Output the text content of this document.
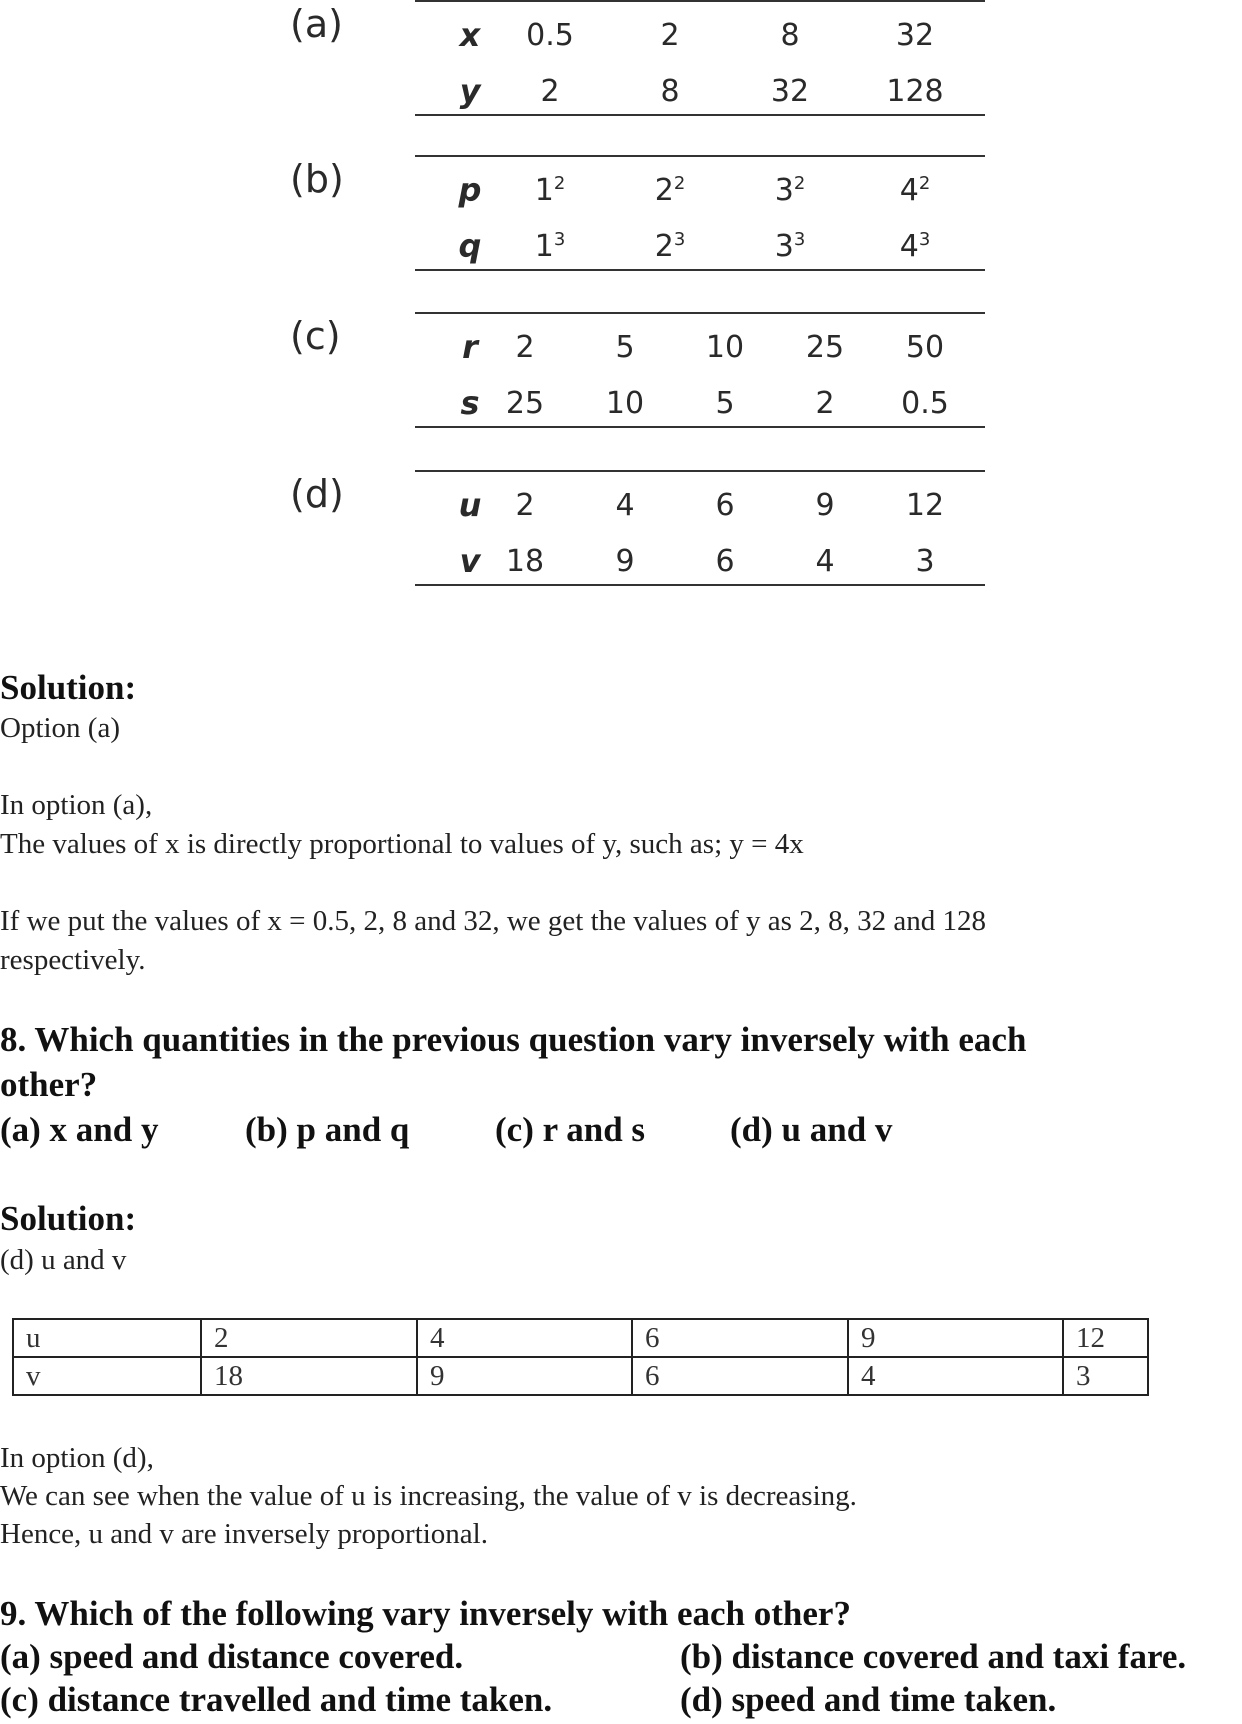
(a)	x	0.5	2	8	32
y	2	8	32	128
(b)	p	$1^2$	$2^2$	$3^2$	$4^2$
q	$1^3$	$2^3$	$3^3$	$4^3$
(c)	r	2	5	10	25	50
s 25	10	5	2	0.5
(d)	u	2	4	6	9	12
v 18	9	6	4	3
Solution:
Option (a)
In option (a),
The values of x is directly proportional to values of y, such as; y = 4x
If we put the values of x = 0.5, 2, 8 and 32, we get the values of y as 2, 8, 32 and 128
respectively.
8. Which quantities in the previous question vary inversely with each
other?
(a) x and y (b) p and q (c) r and s (d) u and v
Solution:
(d) u and v
u	2	4	6	9	12
v	18	9	6	4	3
In option (d),
We can see when the value of u is increasing, the value of v is decreasing.
Hence, u and v are inversely proportional.
9. Which of the following vary inversely with each other?
(a) speed and distance covered.	(b) distance covered and taxi fare.
(c) distance travelled and time taken.	(d) speed and time taken.
